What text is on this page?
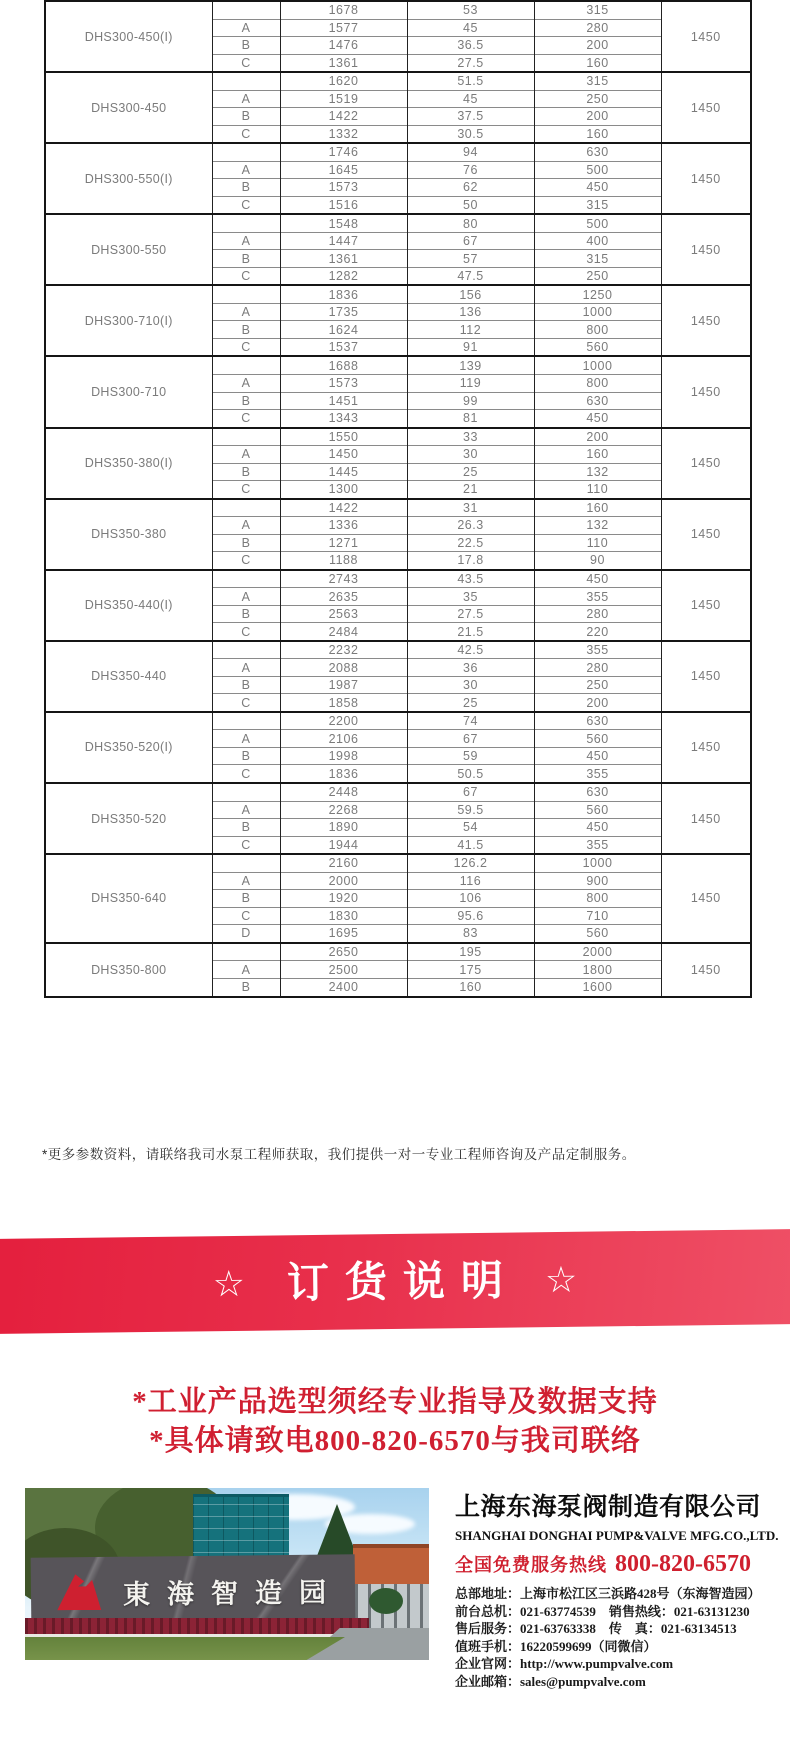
DHS300-450(I)		1678	53	315	1450
	A	1577	45	280	
	B	1476	36.5	200	
	C	1361	27.5	160	
DHS300-450		1620	51.5	315	1450
	A	1519	45	250	
	B	1422	37.5	200	
	C	1332	30.5	160	
DHS300-550(I)		1746	94	630	1450
	A	1645	76	500	
	B	1573	62	450	
	C	1516	50	315	
DHS300-550		1548	80	500	1450
	A	1447	67	400	
	B	1361	57	315	
	C	1282	47.5	250	
DHS300-710(I)		1836	156	1250	1450
	A	1735	136	1000	
	B	1624	112	800	
	C	1537	91	560	
DHS300-710		1688	139	1000	1450
	A	1573	119	800	
	B	1451	99	630	
	C	1343	81	450	
DHS350-380(I)		1550	33	200	1450
	A	1450	30	160	
	B	1445	25	132	
	C	1300	21	110	
DHS350-380		1422	31	160	1450
	A	1336	26.3	132	
	B	1271	22.5	110	
	C	1188	17.8	90	
DHS350-440(I)		2743	43.5	450	1450
	A	2635	35	355	
	B	2563	27.5	280	
	C	2484	21.5	220	
DHS350-440		2232	42.5	355	1450
	A	2088	36	280	
	B	1987	30	250	
	C	1858	25	200	
DHS350-520(I)		2200	74	630	1450
	A	2106	67	560	
	B	1998	59	450	
	C	1836	50.5	355	
DHS350-520		2448	67	630	1450
	A	2268	59.5	560	
	B	1890	54	450	
	C	1944	41.5	355	
DHS350-640		2160	126.2	1000	1450
	A	2000	116	900	
	B	1920	106	800	
	C	1830	95.6	710	
	D	1695	83	560	
DHS350-800		2650	195	2000	1450
	A	2500	175	1800	
	B	2400	160	1600	
*更多参数资料，请联络我司水泵工程师获取，我们提供一对一专业工程师咨询及产品定制服务。
☆ 订货说明 ☆
*工业产品选型须经专业指导及数据支持
*具体请致电800-820-6570与我司联络
東海智造园
上海东海泵阀制造有限公司
SHANGHAI DONGHAI PUMP&VALVE MFG.CO.,LTD.
全国免费服务热线 800-820-6570
总部地址：上海市松江区三浜路428号（东海智造园）
前台总机：021-63774539　销售热线：021-63131230
售后服务：021-63763338　传　真：021-63134513
值班手机：16220599699（同微信）
企业官网：http://www.pumpvalve.com
企业邮箱：sales@pumpvalve.com
